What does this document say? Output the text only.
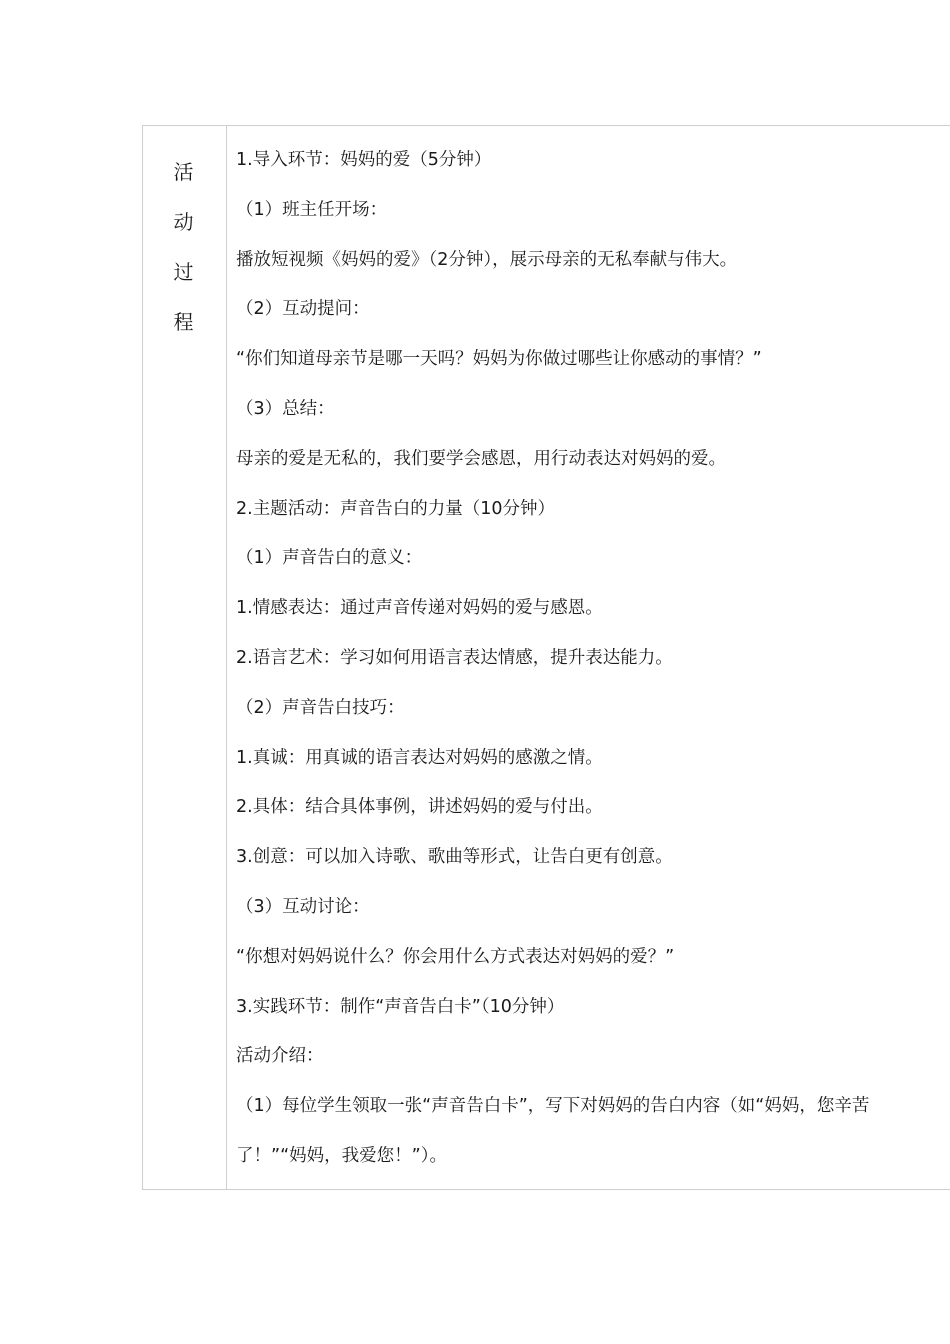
活
动
过
程
1.导入环节：妈妈的爱（5分钟）
（1）班主任开场：
播放短视频《妈妈的爱》（2分钟），展示母亲的无私奉献与伟大。
（2）互动提问：
“你们知道母亲节是哪一天吗？妈妈为你做过哪些让你感动的事情？”
（3）总结：
母亲的爱是无私的，我们要学会感恩，用行动表达对妈妈的爱。
2.主题活动：声音告白的力量（10分钟）
（1）声音告白的意义：
1.情感表达：通过声音传递对妈妈的爱与感恩。
2.语言艺术：学习如何用语言表达情感，提升表达能力。
（2）声音告白技巧：
1.真诚：用真诚的语言表达对妈妈的感激之情。
2.具体：结合具体事例，讲述妈妈的爱与付出。
3.创意：可以加入诗歌、歌曲等形式，让告白更有创意。
（3）互动讨论：
“你想对妈妈说什么？你会用什么方式表达对妈妈的爱？”
3.实践环节：制作“声音告白卡”（10分钟）
活动介绍：
（1）每位学生领取一张“声音告白卡”，写下对妈妈的告白内容（如“妈妈，您辛苦
了！”“妈妈，我爱您！”）。
